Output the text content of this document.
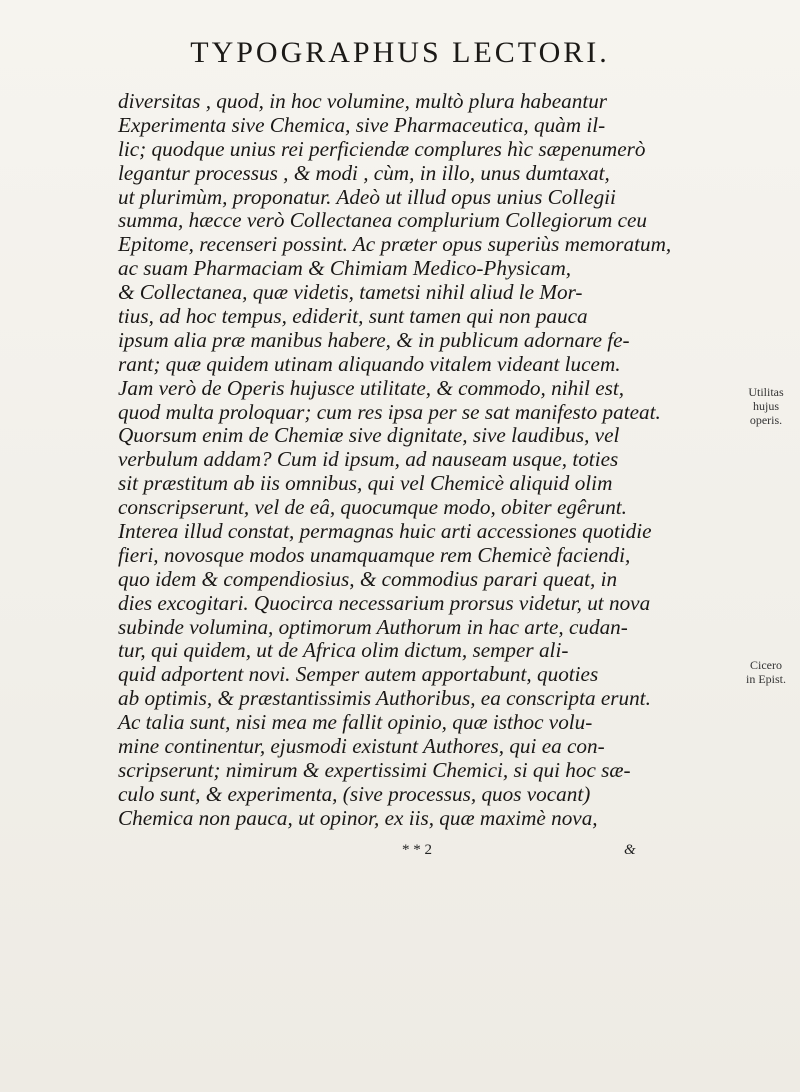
TYPOGRAPHUS LECTORI.
diversitas , quod, in hoc volumine, multò plura habeantur
Experimenta sive Chemica, sive Pharmaceutica, quàm il-
lic; quodque unius rei perficiendæ complures hìc sæpenumerò
legantur processus , & modi , cùm, in illo, unus dumtaxat,
ut plurimùm, proponatur. Adeò ut illud opus unius Collegii
summa, hæcce verò Collectanea complurium Collegiorum ceu
Epitome, recenseri possint. Ac præter opus superiùs memoratum,
ac suam Pharmaciam & Chimiam Medico-Physicam,
& Collectanea, quæ videtis, tametsi nihil aliud le Mor-
tius, ad hoc tempus, ediderit, sunt tamen qui non pauca
ipsum alia præ manibus habere, & in publicum adornare fe-
rant; quæ quidem utinam aliquando vitalem videant lucem.
Jam verò de Operis hujusce utilitate, & commodo, nihil est,
quod multa proloquar; cum res ipsa per se sat manifesto pateat.
Quorsum enim de Chemiæ sive dignitate, sive laudibus, vel
verbulum addam? Cum id ipsum, ad nauseam usque, toties
sit præstitum ab iis omnibus, qui vel Chemicè aliquid olim
conscripserunt, vel de eâ, quocumque modo, obiter egêrunt.
Interea illud constat, permagnas huic arti accessiones quotidie
fieri, novosque modos unamquamque rem Chemicè faciendi,
quo idem & compendiosius, & commodius parari queat, in
dies excogitari. Quocirca necessarium prorsus videtur, ut nova
subinde volumina, optimorum Authorum in hac arte, cudan-
tur, qui quidem, ut de Africa olim dictum, semper ali-
quid adportent novi. Semper autem apportabunt, quoties
ab optimis, & præstantissimis Authoribus, ea conscripta erunt.
Ac talia sunt, nisi mea me fallit opinio, quæ isthoc volu-
mine continentur, ejusmodi existunt Authores, qui ea con-
scripserunt; nimirum & expertissimi Chemici, si qui hoc sæ-
culo sunt, & experimenta, (sive processus, quos vocant)
Chemica non pauca, ut opinor, ex iis, quæ maximè nova,
Utilitas
hujus
operis.
Cicero
in Epist.
* * 2	&
